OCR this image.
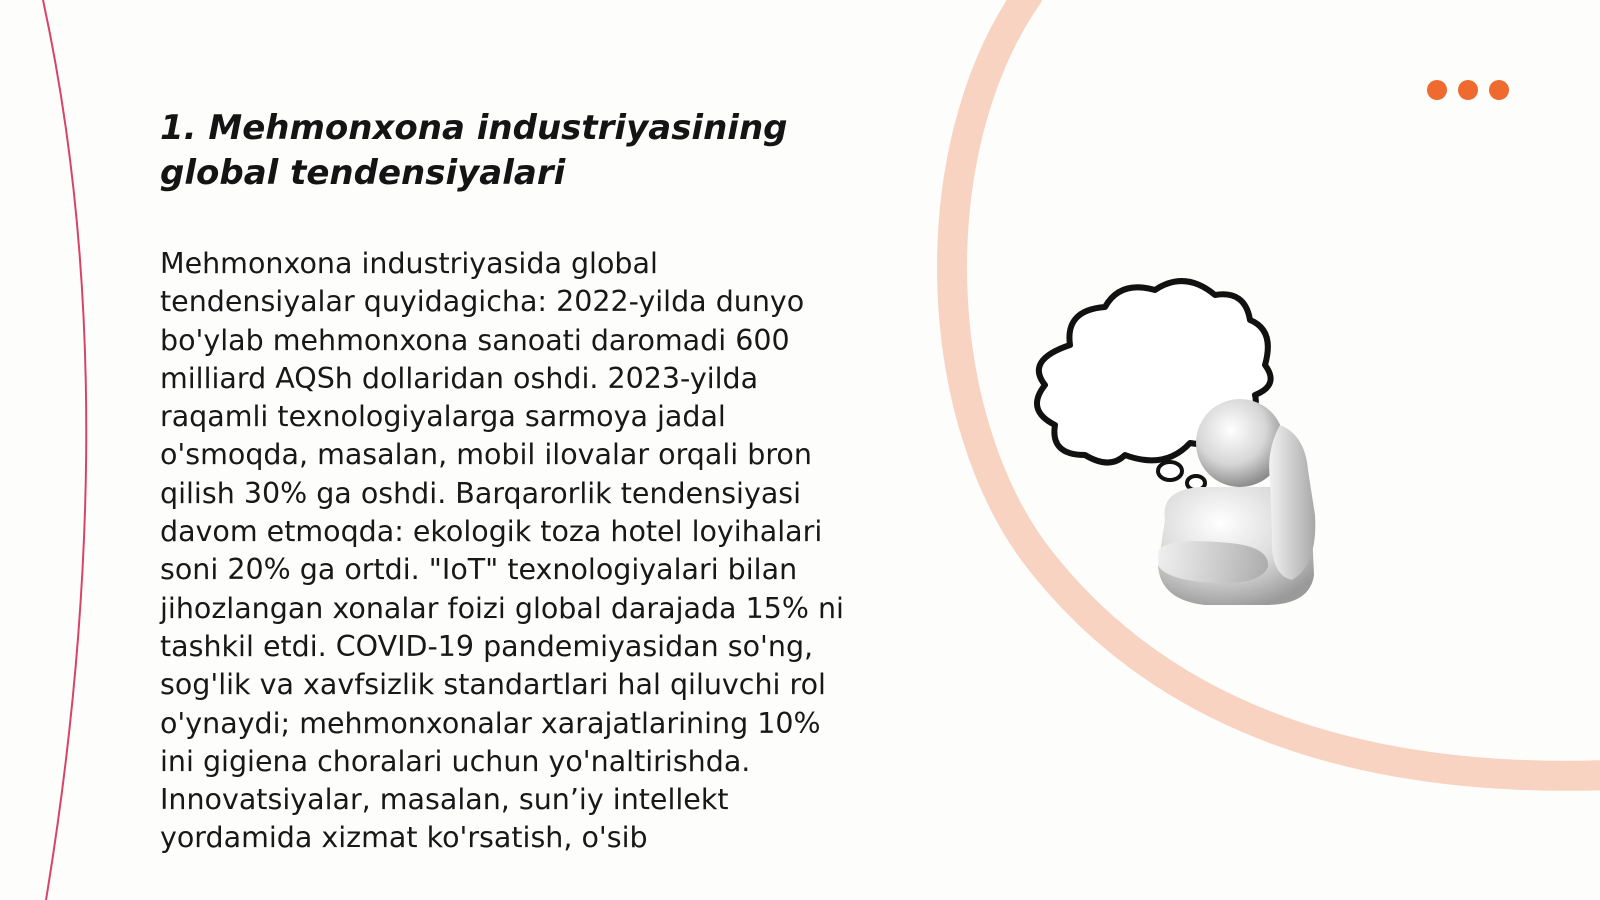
1. Mehmonxona industriyasining global tendensiyalari

Mehmonxona industriyasida global tendensiyalar quyidagicha: 2022-yilda dunyo bo'ylab mehmonxona sanoati daromadi 600 milliard AQSh dollaridan oshdi. 2023-yilda raqamli texnologiyalarga sarmoya jadal o'smoqda, masalan, mobil ilovalar orqali bron qilish 30% ga oshdi. Barqarorlik tendensiyasi davom etmoqda: ekologik toza hotel loyihalari soni 20% ga ortdi. "IoT" texnologiyalari bilan jihozlangan xonalar foizi global darajada 15% ni tashkil etdi. COVID-19 pandemiyasidan so'ng, sog'lik va xavfsizlik standartlari hal qiluvchi rol o'ynaydi; mehmonxonalar xarajatlarining 10% ini gigiena choralari uchun yo'naltirishda. Innovatsiyalar, masalan, sun’iy intellekt yordamida xizmat ko'rsatish, o'sib
